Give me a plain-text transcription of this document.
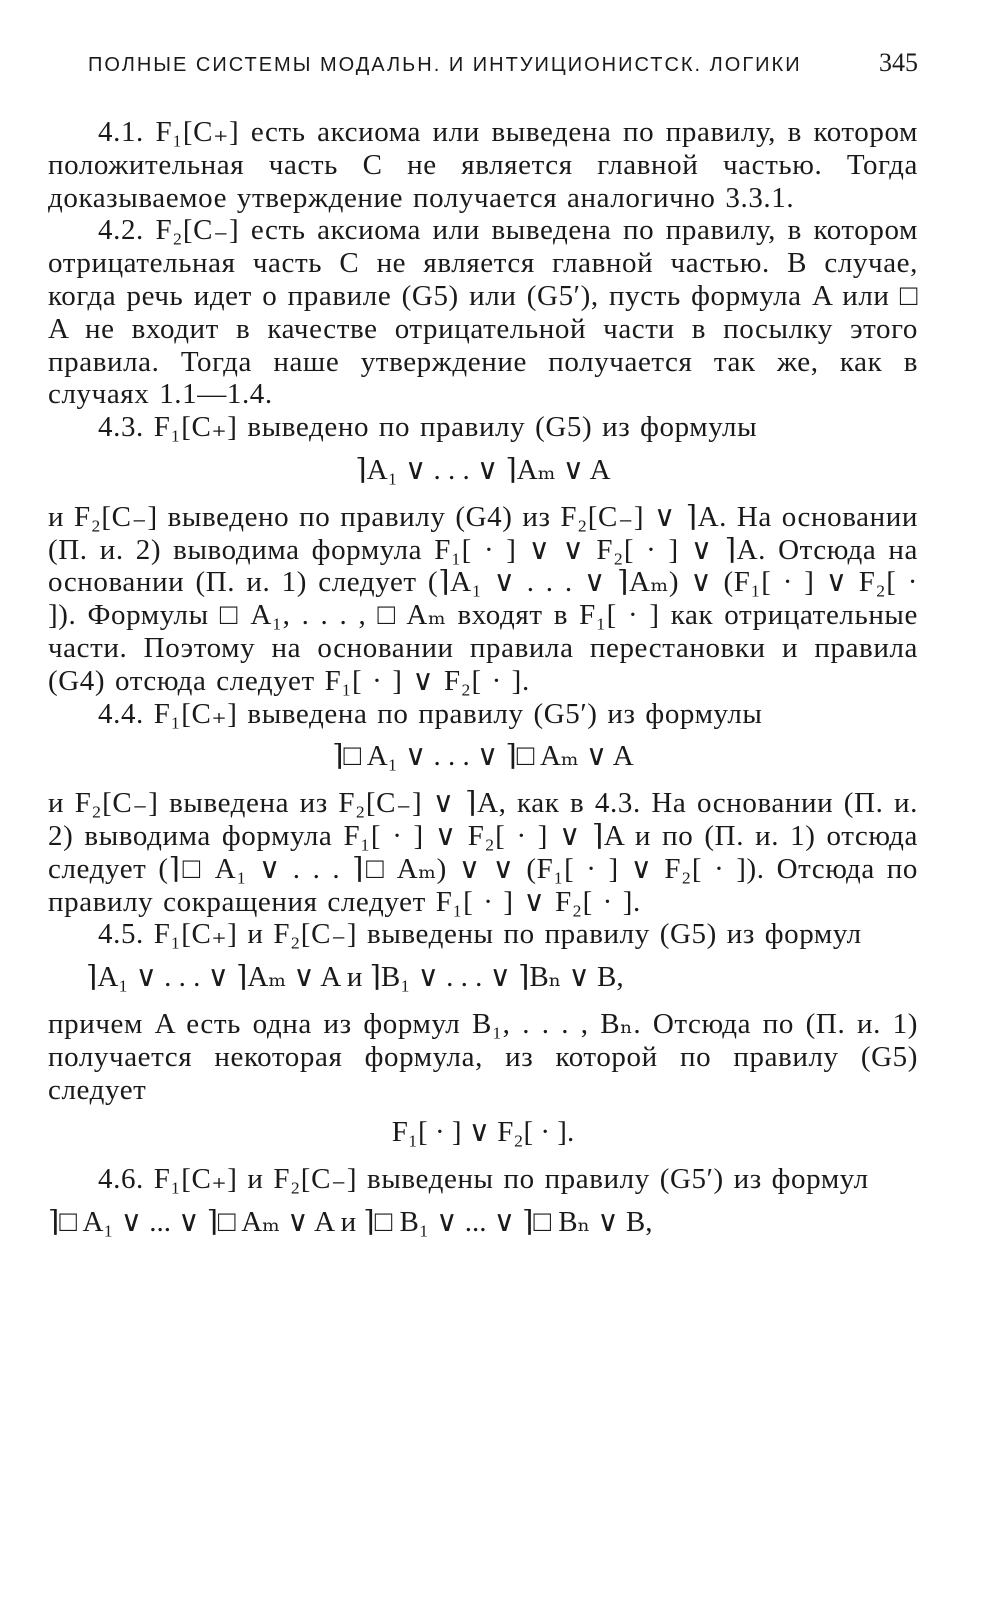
ПОЛНЫЕ СИСТЕМЫ МОДАЛЬН. И ИНТУИЦИОНИСТСК. ЛОГИКИ	345

4.1. F₁[C₊] есть аксиома или выведена по правилу, в котором положительная часть C не является главной частью. Тогда доказываемое утверждение получается аналогично 3.3.1.

4.2. F₂[C₋] есть аксиома или выведена по правилу, в котором отрицательная часть C не является главной частью. В случае, когда речь идет о правиле (G5) или (G5′), пусть формула A или □ A не входит в качестве отрицательной части в посылку этого правила. Тогда наше утверждение получается так же, как в случаях 1.1—1.4.

4.3. F₁[C₊] выведено по правилу (G5) из формулы

⌉A₁ ∨ . . . ∨ ⌉Aₘ ∨ A

и F₂[C₋] выведено по правилу (G4) из F₂[C₋] ∨ ⌉A. На основании (П. и. 2) выводима формула F₁[ · ] ∨ ∨ F₂[ · ] ∨ ⌉A. Отсюда на основании (П. и. 1) следует (⌉A₁ ∨ . . . ∨ ⌉Aₘ) ∨ (F₁[ · ] ∨ F₂[ · ]). Формулы □ A₁, . . . , □ Aₘ входят в F₁[ · ] как отрицательные части. Поэтому на основании правила перестановки и правила (G4) отсюда следует F₁[ · ] ∨ F₂[ · ].

4.4. F₁[C₊] выведена по правилу (G5′) из формулы

⌉□ A₁ ∨ . . . ∨ ⌉□ Aₘ ∨ A

и F₂[C₋] выведена из F₂[C₋] ∨ ⌉A, как в 4.3. На основании (П. и. 2) выводима формула F₁[ · ] ∨ F₂[ · ] ∨ ⌉A и по (П. и. 1) отсюда следует (⌉□ A₁ ∨ . . . ⌉□ Aₘ) ∨ ∨ (F₁[ · ] ∨ F₂[ · ]). Отсюда по правилу сокращения следует F₁[ · ] ∨ F₂[ · ].

4.5. F₁[C₊] и F₂[C₋] выведены по правилу (G5) из формул

⌉A₁ ∨ . . . ∨ ⌉Aₘ ∨ A и ⌉B₁ ∨ . . . ∨ ⌉Bₙ ∨ B,

причем A есть одна из формул B₁, . . . , Bₙ. Отсюда по (П. и. 1) получается некоторая формула, из которой по правилу (G5) следует

F₁[ · ] ∨ F₂[ · ].

4.6. F₁[C₊] и F₂[C₋] выведены по правилу (G5′) из формул

⌉□ A₁ ∨ ... ∨ ⌉□ Aₘ ∨ A и ⌉□ B₁ ∨ ... ∨ ⌉□ Bₙ ∨ B,
